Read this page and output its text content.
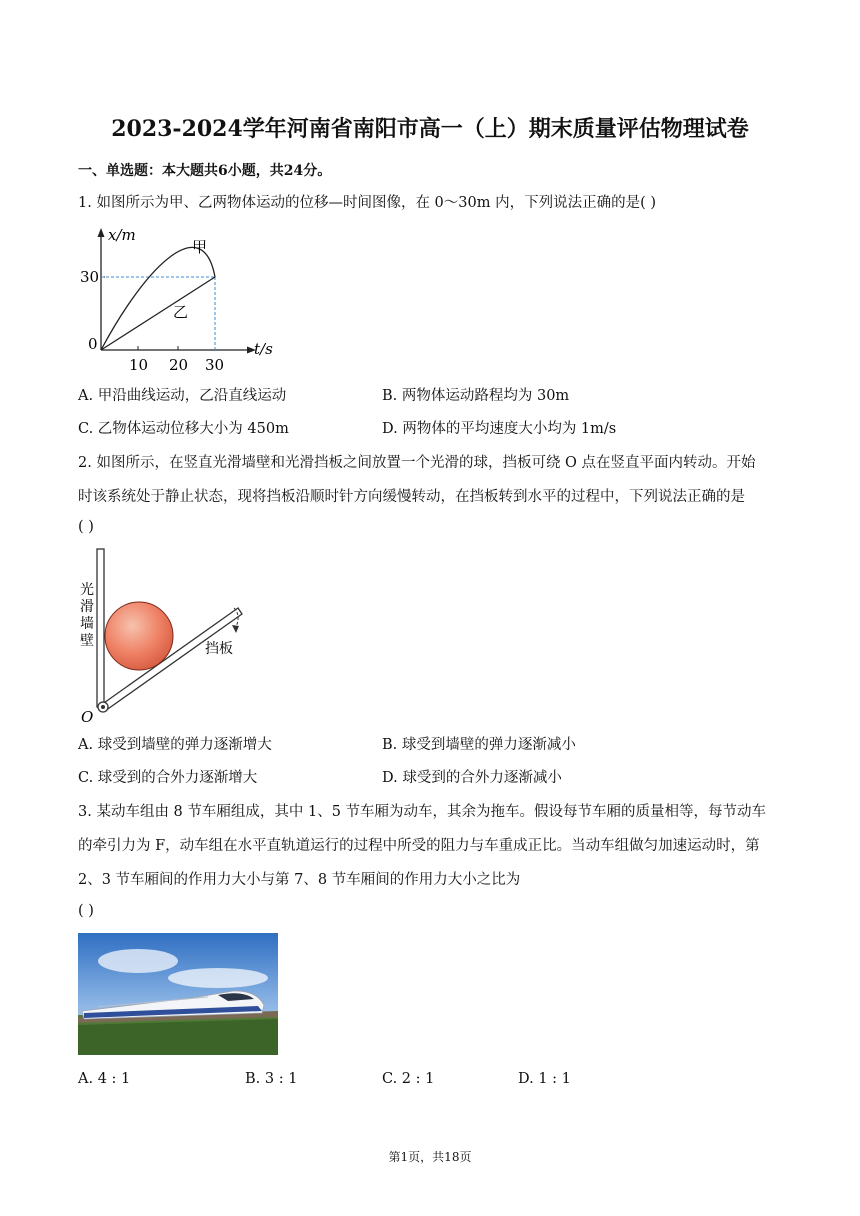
2023-2024学年河南省南阳市高一（上）期末质量评估物理试卷
一、单选题：本大题共6小题，共24分。
1. 如图所示为甲、乙两物体运动的位移—时间图像，在 0～30m 内，下列说法正确的是( )
x/m
t/s
30
0
10 20 30
甲
乙
A. 甲沿曲线运动，乙沿直线运动	B. 两物体运动路程均为 30m
C. 乙物体运动位移大小为 450m	D. 两物体的平均速度大小均为 1m/s
2. 如图所示，在竖直光滑墙壁和光滑挡板之间放置一个光滑的球，挡板可绕 O 点在竖直平面内转动。开始
时该系统处于静止状态，现将挡板沿顺时针方向缓慢转动，在挡板转到水平的过程中，下列说法正确的是
( )
光
滑
墙
壁	挡板
O
A. 球受到墙壁的弹力逐渐增大	B. 球受到墙壁的弹力逐渐减小
C. 球受到的合外力逐渐增大	D. 球受到的合外力逐渐减小
3. 某动车组由 8 节车厢组成，其中 1、5 节车厢为动车，其余为拖车。假设每节车厢的质量相等，每节动车
的牵引力为 F，动车组在水平直轨道运行的过程中所受的阻力与车重成正比。当动车组做匀加速运动时，第
2、3 节车厢间的作用力大小与第 7、8 节车厢间的作用力大小之比为
( )
A. 4 : 1	B. 3 : 1	C. 2 : 1	D. 1 : 1
第1页，共18页
